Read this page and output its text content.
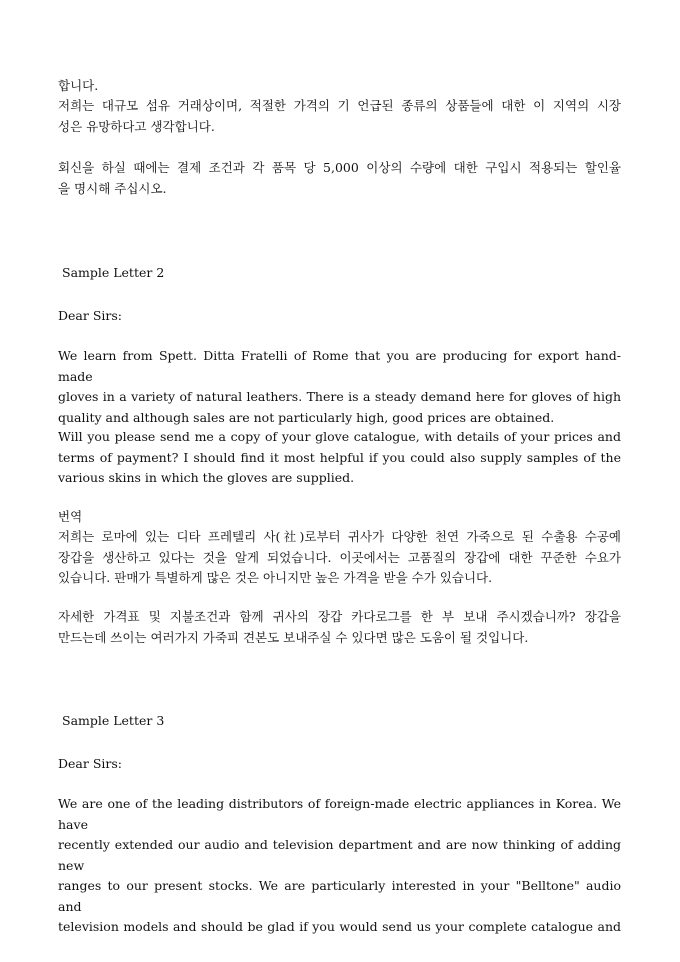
합니다.

저희는 대규모 섬유 거래상이며, 적절한 가격의 기 언급된 종류의 상품들에 대한 이 지역의 시장
성은 유망하다고 생각합니다.

회신을 하실 때에는 결제 조건과 각 품목 당 5,000 이상의 수량에 대한 구입시 적용되는 할인율
을 명시해 주십시오.

Sample Letter 2

Dear Sirs:

We learn from Spett. Ditta Fratelli of Rome that you are producing for export hand-made
gloves in a variety of natural leathers. There is a steady demand here for gloves of high
quality and although sales are not particularly high, good prices are obtained.

Will you please send me a copy of your glove catalogue, with details of your prices and
terms of payment? I should find it most helpful if you could also supply samples of the
various skins in which the gloves are supplied.

번역

저희는 로마에 있는 디타 프레텔리 사(社)로부터 귀사가 다양한 천연 가죽으로 된 수출용 수공예
장갑을 생산하고 있다는 것을 알게 되었습니다. 이곳에서는 고품질의 장갑에 대한 꾸준한 수요가
있습니다. 판매가 특별하게 많은 것은 아니지만 높은 가격을 받을 수가 있습니다.

자세한 가격표 및 지불조건과 함께 귀사의 장갑 카다로그를 한 부 보내 주시겠습니까? 장갑을
만드는데 쓰이는 여러가지 가죽피 견본도 보내주실 수 있다면 많은 도움이 될 것입니다.

Sample Letter 3

Dear Sirs:

We are one of the leading distributors of foreign-made electric appliances in Korea. We have
recently extended our audio and television department and are now thinking of adding new
ranges to our present stocks. We are particularly interested in your "Belltone" audio and
television models and should be glad if you would send us your complete catalogue and
